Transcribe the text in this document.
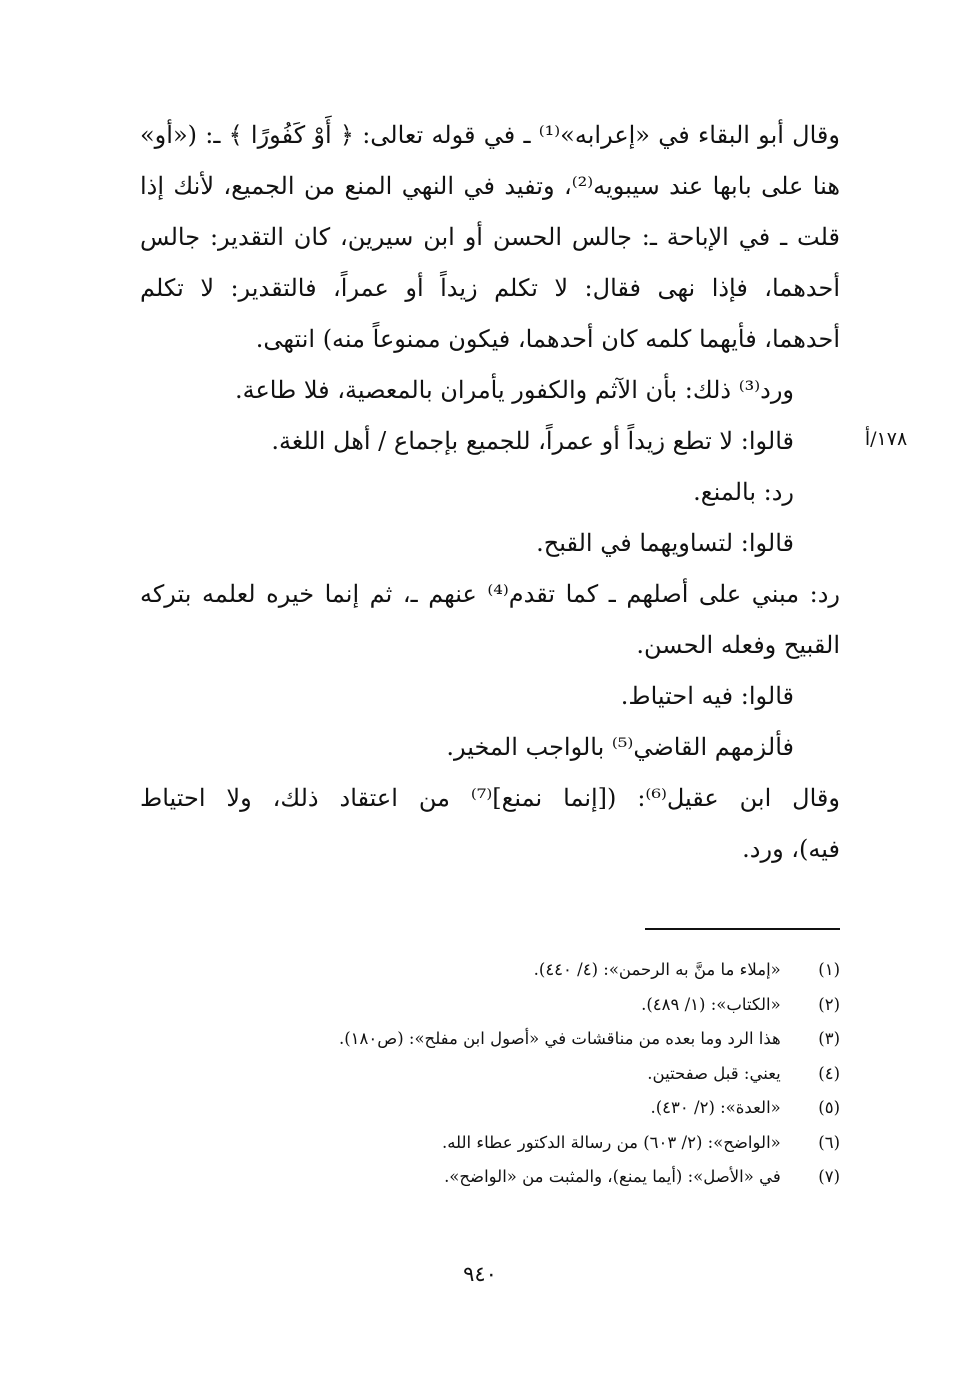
وقال أبو البقاء في «إعرابه»⁽¹⁾ ـ في قوله تعالى: ﴿ أَوْ كَفُورًا ﴾ ـ: («أو»
هنا على بابها عند سيبويه⁽²⁾، وتفيد في النهي المنع من الجميع، لأنك إذا
قلت ـ في الإباحة ـ: جالس الحسن أو ابن سيرين، كان التقدير: جالس
أحدهما، فإذا نهى فقال: لا تكلم زيداً أو عمراً، فالتقدير: لا تكلم
أحدهما، فأيهما كلمه كان أحدهما، فيكون ممنوعاً منه) انتهى.
ورد⁽³⁾ ذلك: بأن الآثم والكفور يأمران بالمعصية، فلا طاعة.
قالوا: لا تطع زيداً أو عمراً، للجميع بإجماع / أهل اللغة.
رد: بالمنع.
قالوا: لتساويهما في القبح.
رد: مبني على أصلهم ـ كما تقدم⁽⁴⁾ عنهم ـ، ثم إنما خيره لعلمه بتركه
القبيح وفعله الحسن.
قالوا: فيه احتياط.
فألزمهم القاضي⁽⁵⁾ بالواجب المخير.
وقال ابن عقيل⁽⁶⁾: ([إنما نمنع]⁽⁷⁾ من اعتقاد ذلك، ولا احتياط
فيه)، ورد.
١٧٨/أ
(١) «إملاء ما منَّ به الرحمن»: (٤/ ٤٤٠).
(٢) «الكتاب»: (١/ ٤٨٩).
(٣) هذا الرد وما بعده من مناقشات في «أصول ابن مفلح»: (ص١٨٠).
(٤) يعني: قبل صفحتين.
(٥) «العدة»: (٢/ ٤٣٠).
(٦) «الواضح»: (٢/ ٦٠٣) من رسالة الدكتور عطاء الله.
(٧) في «الأصل»: (أيما يمنع)، والمثبت من «الواضح».
٩٤٠
